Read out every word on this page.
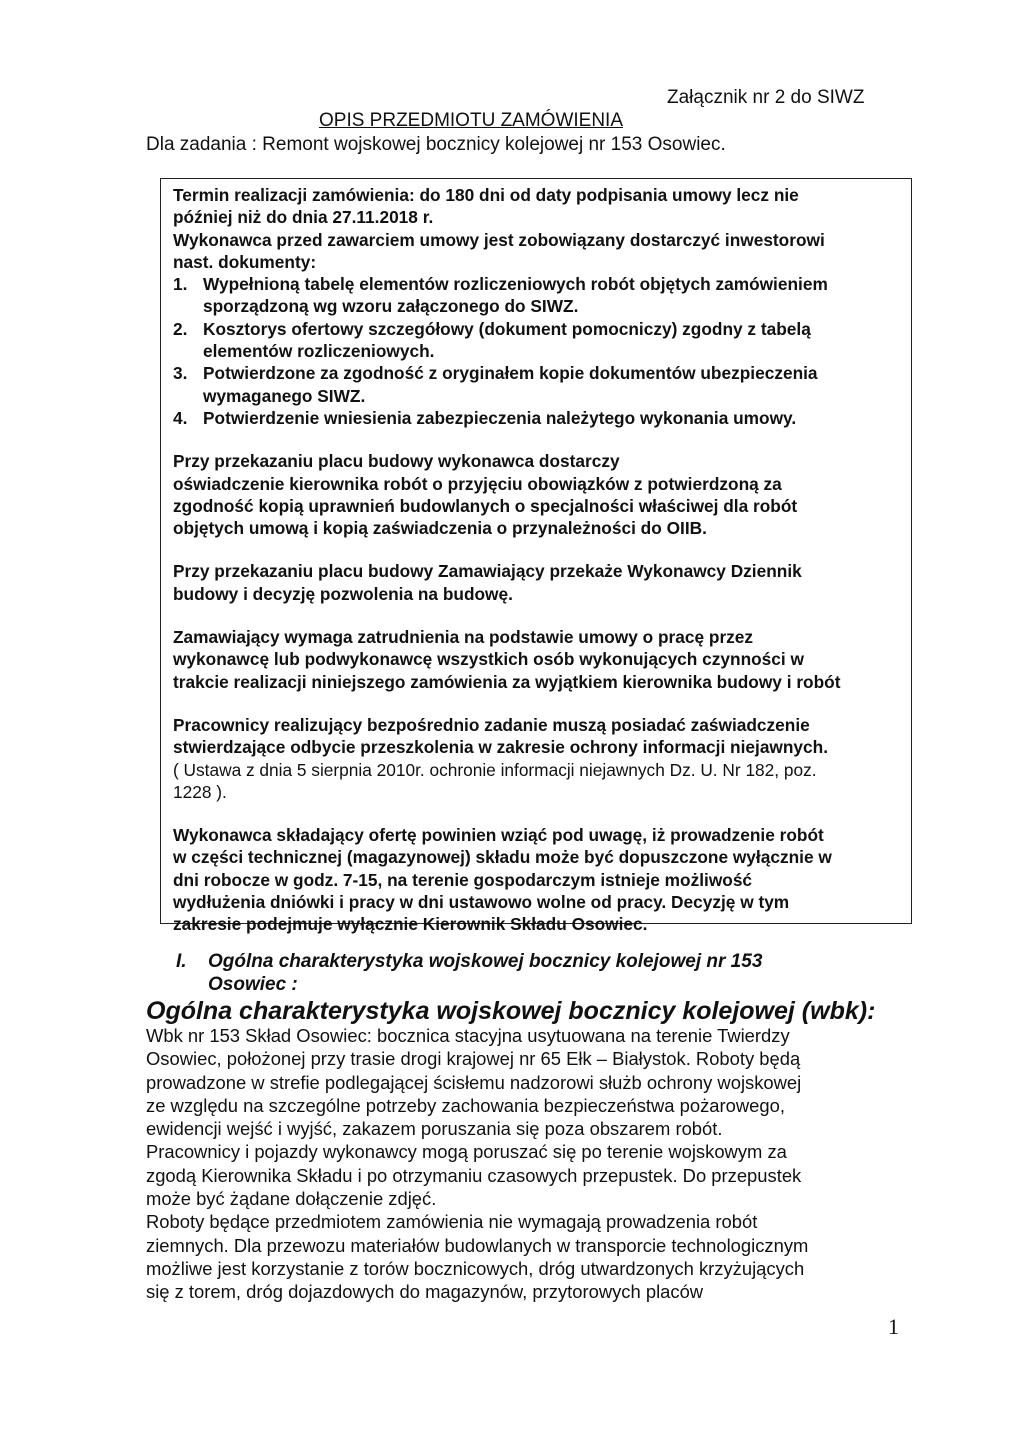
Załącznik nr 2 do SIWZ
OPIS PRZEDMIOTU ZAMÓWIENIA
Dla zadania : Remont wojskowej bocznicy kolejowej nr 153 Osowiec.

Termin realizacji zamówienia: do 180 dni od daty podpisania umowy lecz nie

później niż do dnia 27.11.2018 r.

Wykonawca przed zawarciem umowy jest zobowiązany dostarczyć inwestorowi

nast. dokumenty:

1. Wypełnioną tabelę elementów rozliczeniowych robót objętych zamówieniem
sporządzoną wg wzoru załączonego do SIWZ.
2. Kosztorys ofertowy szczegółowy (dokument pomocniczy) zgodny z tabelą
elementów rozliczeniowych.
3. Potwierdzone za zgodność z oryginałem kopie dokumentów ubezpieczenia
wymaganego SIWZ.
4. Potwierdzenie wniesienia zabezpieczenia należytego wykonania umowy.

Przy przekazaniu placu budowy wykonawca dostarczy

oświadczenie kierownika robót o przyjęciu obowiązków z potwierdzoną za

zgodność kopią uprawnień budowlanych o specjalności właściwej dla robót

objętych umową i kopią zaświadczenia o przynależności do OIIB.

Przy przekazaniu placu budowy Zamawiający przekaże Wykonawcy Dziennik

budowy i decyzję pozwolenia na budowę.

Zamawiający wymaga zatrudnienia na podstawie umowy o pracę przez

wykonawcę lub podwykonawcę wszystkich osób wykonujących czynności w

trakcie realizacji niniejszego zamówienia za wyjątkiem kierownika budowy i robót

Pracownicy realizujący bezpośrednio zadanie muszą posiadać zaświadczenie

stwierdzające odbycie przeszkolenia w zakresie ochrony informacji niejawnych.

( Ustawa z dnia 5 sierpnia 2010r. ochronie informacji niejawnych Dz. U. Nr 182, poz.

1228 ).

Wykonawca składający ofertę powinien wziąć pod uwagę, iż prowadzenie robót

w części technicznej (magazynowej) składu może być dopuszczone wyłącznie w

dni robocze w godz. 7-15, na terenie gospodarczym istnieje możliwość

wydłużenia dniówki i pracy w dni ustawowo wolne od pracy. Decyzję w tym

zakresie podejmuje wyłącznie Kierownik Składu Osowiec.

I. Ogólna charakterystyka wojskowej bocznicy kolejowej nr 153
Osowiec :
Ogólna charakterystyka wojskowej bocznicy kolejowej (wbk):

Wbk nr 153 Skład Osowiec: bocznica stacyjna usytuowana na terenie Twierdzy

Osowiec, położonej przy trasie drogi krajowej nr 65 Ełk – Białystok. Roboty będą

prowadzone w strefie podlegającej ścisłemu nadzorowi służb ochrony wojskowej

ze względu na szczególne potrzeby zachowania bezpieczeństwa pożarowego,

ewidencji wejść i wyjść, zakazem poruszania się poza obszarem robót.

Pracownicy i pojazdy wykonawcy mogą poruszać się po terenie wojskowym za

zgodą Kierownika Składu i po otrzymaniu czasowych przepustek. Do przepustek

może być żądane dołączenie zdjęć.

Roboty będące przedmiotem zamówienia nie wymagają prowadzenia robót

ziemnych. Dla przewozu materiałów budowlanych w transporcie technologicznym

możliwe jest korzystanie z torów bocznicowych, dróg utwardzonych krzyżujących

się z torem, dróg dojazdowych do magazynów, przytorowych placów

1
